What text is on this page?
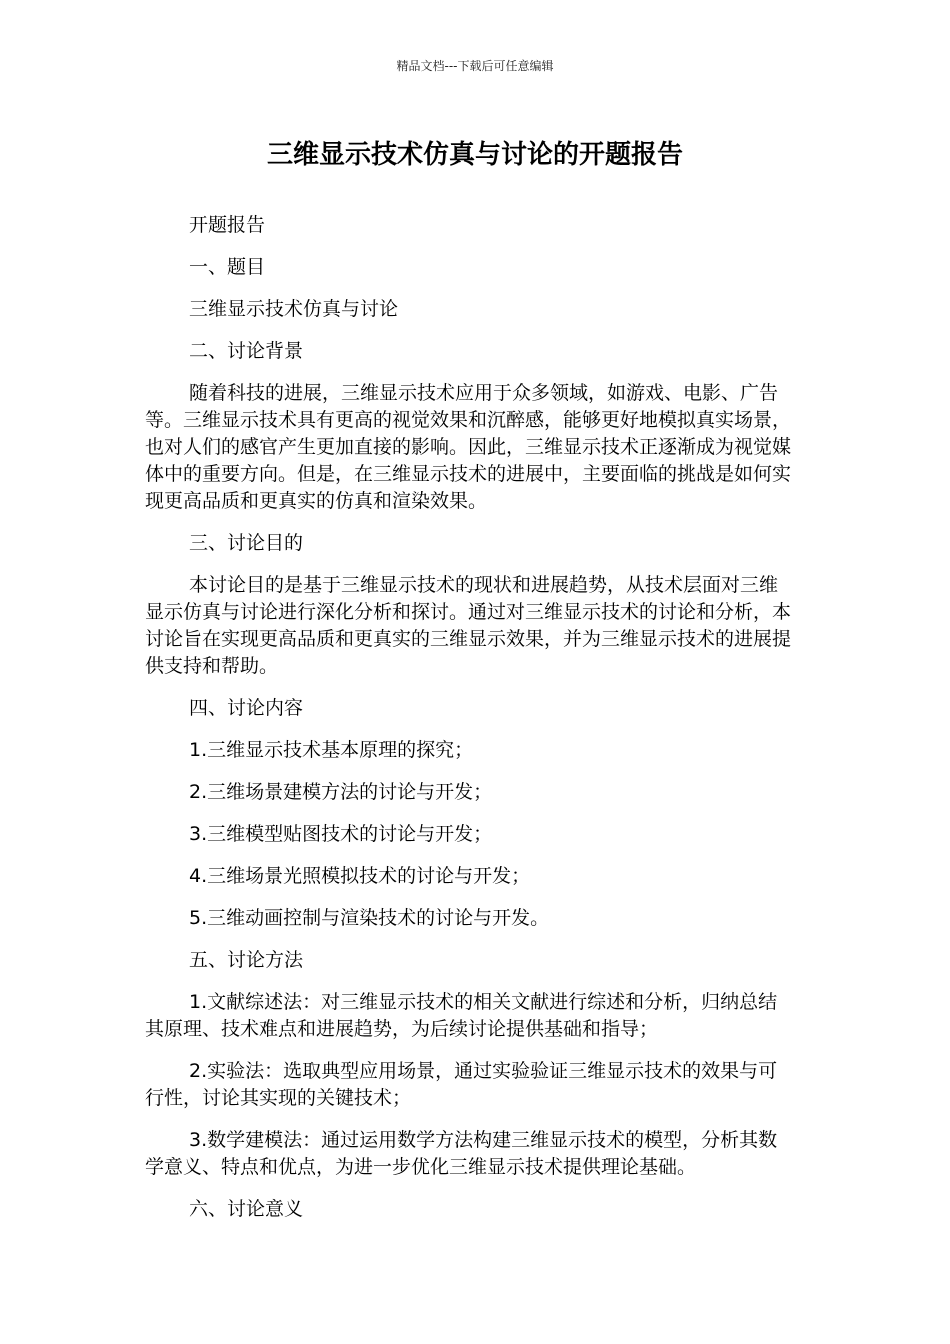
精品文档---下载后可任意编辑
三维显示技术仿真与讨论的开题报告

开题报告

一、题目

三维显示技术仿真与讨论

二、讨论背景

随着科技的进展，三维显示技术应用于众多领域，如游戏、电影、广告等。三维显示技术具有更高的视觉效果和沉醉感，能够更好地模拟真实场景，也对人们的感官产生更加直接的影响。因此，三维显示技术正逐渐成为视觉媒体中的重要方向。但是，在三维显示技术的进展中，主要面临的挑战是如何实现更高品质和更真实的仿真和渲染效果。

三、讨论目的

本讨论目的是基于三维显示技术的现状和进展趋势，从技术层面对三维显示仿真与讨论进行深化分析和探讨。通过对三维显示技术的讨论和分析，本讨论旨在实现更高品质和更真实的三维显示效果，并为三维显示技术的进展提供支持和帮助。

四、讨论内容

1.三维显示技术基本原理的探究；

2.三维场景建模方法的讨论与开发；

3.三维模型贴图技术的讨论与开发；

4.三维场景光照模拟技术的讨论与开发；

5.三维动画控制与渲染技术的讨论与开发。

五、讨论方法

1.文献综述法：对三维显示技术的相关文献进行综述和分析，归纳总结其原理、技术难点和进展趋势，为后续讨论提供基础和指导；

2.实验法：选取典型应用场景，通过实验验证三维显示技术的效果与可行性，讨论其实现的关键技术；

3.数学建模法：通过运用数学方法构建三维显示技术的模型，分析其数学意义、特点和优点，为进一步优化三维显示技术提供理论基础。

六、讨论意义
